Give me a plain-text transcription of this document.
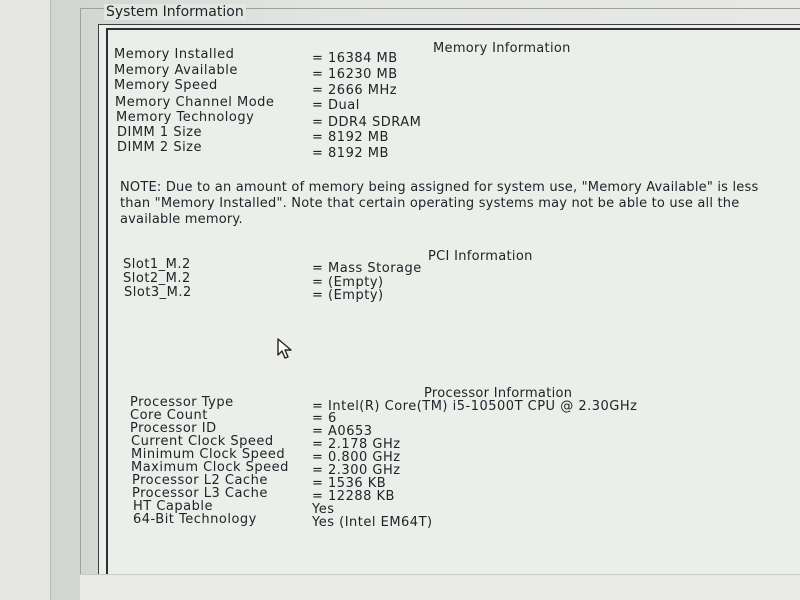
System Information
Memory Information
Memory Installed	= 16384 MB
Memory Available	= 16230 MB
Memory Speed	= 2666 MHz
Memory Channel Mode	= Dual
Memory Technology	= DDR4 SDRAM
DIMM 1 Size	= 8192 MB
DIMM 2 Size	= 8192 MB
NOTE: Due to an amount of memory being assigned for system use, "Memory Available" is less than "Memory Installed". Note that certain operating systems may not be able to use all the available memory.
PCI Information
Slot1_M.2	= Mass Storage
Slot2_M.2	= (Empty)
Slot3_M.2	= (Empty)
Processor Information
Processor Type	= Intel(R) Core(TM) i5-10500T CPU @ 2.30GHz
Core Count	= 6
Processor ID	= A0653
Current Clock Speed	= 2.178 GHz
Minimum Clock Speed = 0.800 GHz
Maximum Clock Speed = 2.300 GHz
Processor L2 Cache	= 1536 KB
Processor L3 Cache	= 12288 KB
HT Capable	Yes
64-Bit Technology	Yes (Intel EM64T)
